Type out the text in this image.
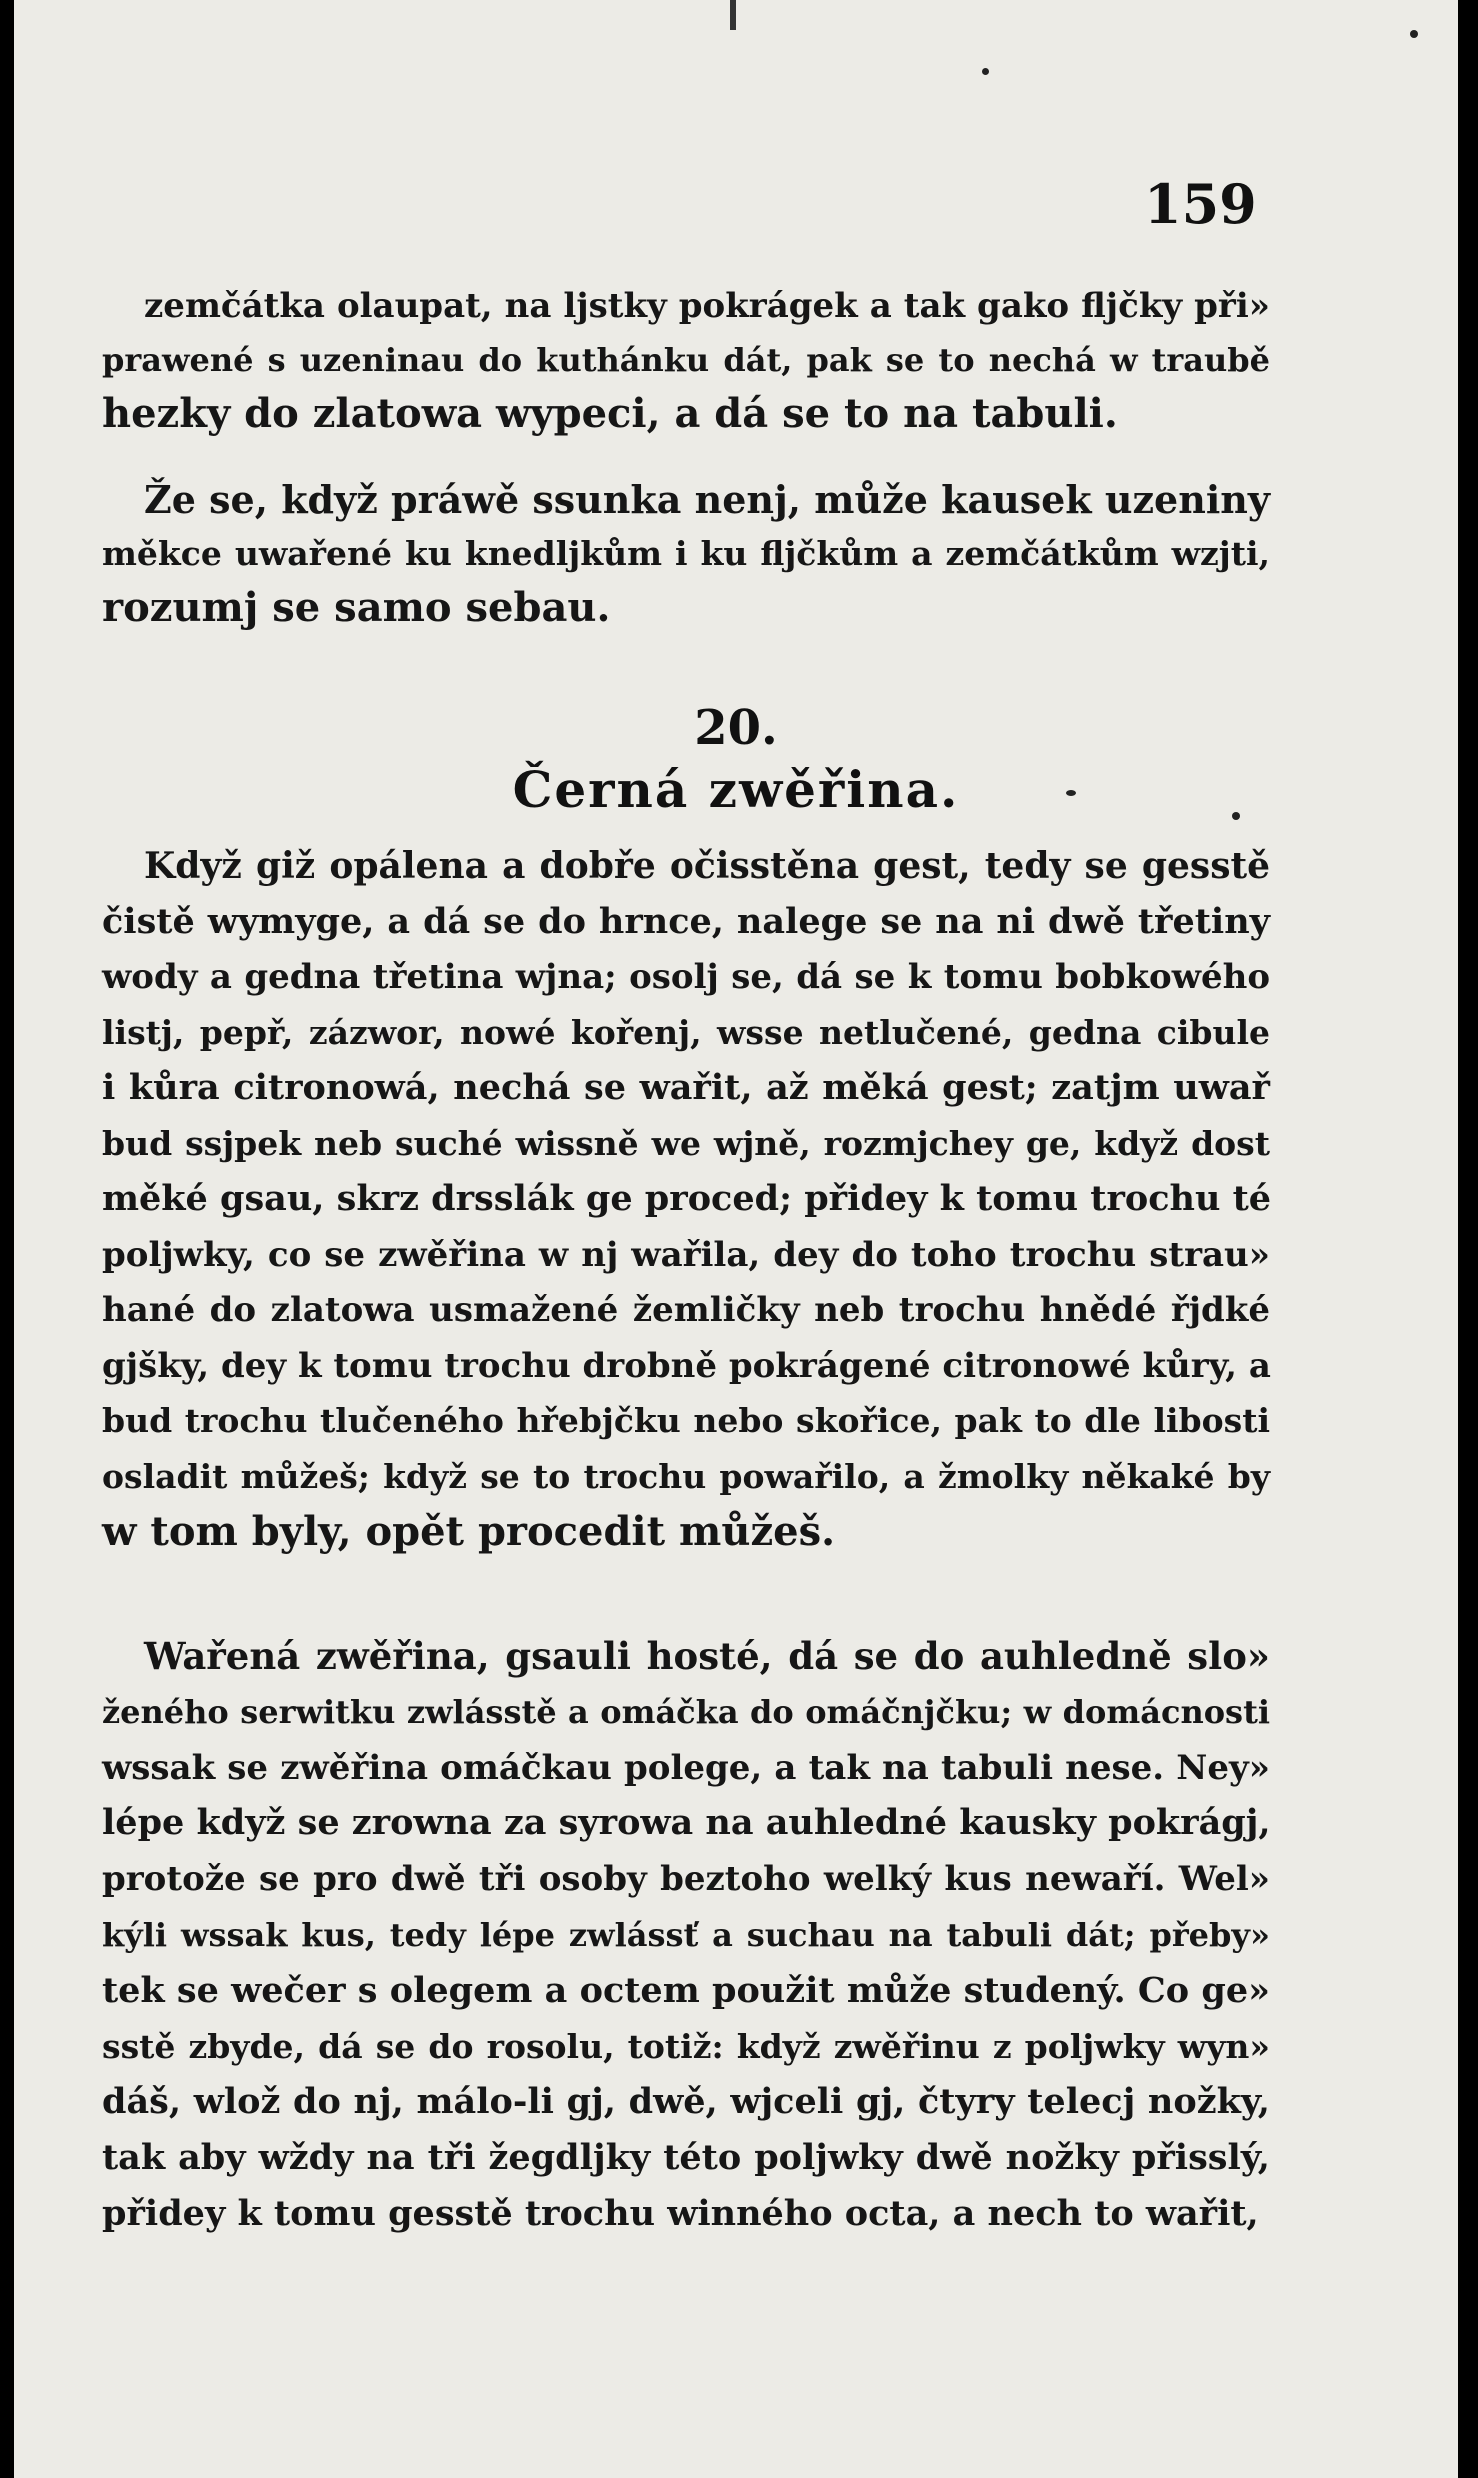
159
zemčátka olaupat, na ljstky pokrágek a tak gako fljčky při»
prawené s uzeninau do kuthánku dát, pak se to nechá w traubě
hezky do zlatowa wypeci, a dá se to na tabuli.
Že se, když práwě ssunka nenj, může kausek uzeniny
měkce uwařené ku knedljkům i ku fljčkům a zemčátkům wzjti,
rozumj se samo sebau.
20.
Černá zwěřina.
Když giž opálena a dobře očisstěna gest, tedy se gesstě
čistě wymyge, a dá se do hrnce, nalege se na ni dwě třetiny
wody a gedna třetina wjna; osolj se, dá se k tomu bobkowého
listj, pepř, zázwor, nowé kořenj, wsse netlučené, gedna cibule
i kůra citronowá, nechá se wařit, až měká gest; zatjm uwař
bud ssjpek neb suché wissně we wjně, rozmjchey ge, když dost
měké gsau, skrz drsslák ge proced; přidey k tomu trochu té
poljwky, co se zwěřina w nj wařila, dey do toho trochu strau»
hané do zlatowa usmažené žemličky neb trochu hnědé řjdké
gjšky, dey k tomu trochu drobně pokrágené citronowé kůry, a
bud trochu tlučeného hřebjčku nebo skořice, pak to dle libosti
osladit můžeš; když se to trochu powařilo, a žmolky někaké by
w tom byly, opět procedit můžeš.
Wařená zwěřina, gsauli hosté, dá se do auhledně slo»
ženého serwitku zwlásstě a omáčka do omáčnjčku; w domácnosti
wssak se zwěřina omáčkau polege, a tak na tabuli nese. Ney»
lépe když se zrowna za syrowa na auhledné kausky pokrágj,
protože se pro dwě tři osoby beztoho welký kus newaří. Wel»
kýli wssak kus, tedy lépe zwlássť a suchau na tabuli dát; přeby»
tek se wečer s olegem a octem použit může studený. Co ge»
sstě zbyde, dá se do rosolu, totiž: když zwěřinu z poljwky wyn»
dáš, wlož do nj, málo-li gj, dwě, wjceli gj, čtyry telecj nožky,
tak aby wždy na tři žegdljky této poljwky dwě nožky přisslý,
přidey k tomu gesstě trochu winného octa, a nech to wařit,
